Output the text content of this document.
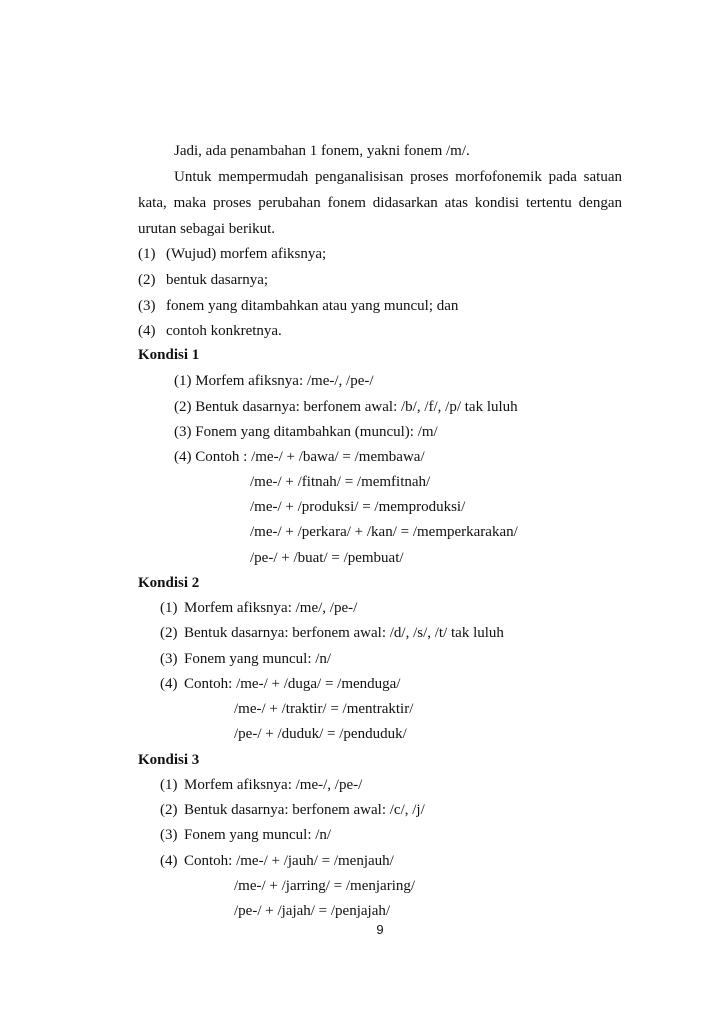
Jadi, ada penambahan 1 fonem, yakni fonem /m/.
Untuk mempermudah penganalisisan proses morfofonemik pada satuan
kata, maka proses perubahan fonem didasarkan atas kondisi tertentu dengan
urutan sebagai berikut.
(1) (Wujud) morfem afiksnya;
(2) bentuk dasarnya;
(3) fonem yang ditambahkan atau yang muncul; dan
(4) contoh konkretnya.
Kondisi 1
(1) Morfem afiksnya: /me-/, /pe-/
(2) Bentuk dasarnya: berfonem awal: /b/, /f/, /p/ tak luluh
(3) Fonem yang ditambahkan (muncul): /m/
(4) Contoh : /me-/ + /bawa/ = /membawa/
/me-/ + /fitnah/ = /memfitnah/
/me-/ + /produksi/ = /memproduksi/
/me-/ + /perkara/ + /kan/ = /memperkarakan/
/pe-/ + /buat/ = /pembuat/
Kondisi 2
(1) Morfem afiksnya: /me/, /pe-/
(2) Bentuk dasarnya: berfonem awal: /d/, /s/, /t/ tak luluh
(3) Fonem yang muncul: /n/
(4) Contoh: /me-/ + /duga/ = /menduga/
/me-/ + /traktir/ = /mentraktir/
/pe-/ + /duduk/ = /penduduk/
Kondisi 3
(1) Morfem afiksnya: /me-/, /pe-/
(2) Bentuk dasarnya: berfonem awal: /c/, /j/
(3) Fonem yang muncul: /n/
(4) Contoh: /me-/ + /jauh/ = /menjauh/
/me-/ + /jarring/ = /menjaring/
/pe-/ + /jajah/ = /penjajah/
9
